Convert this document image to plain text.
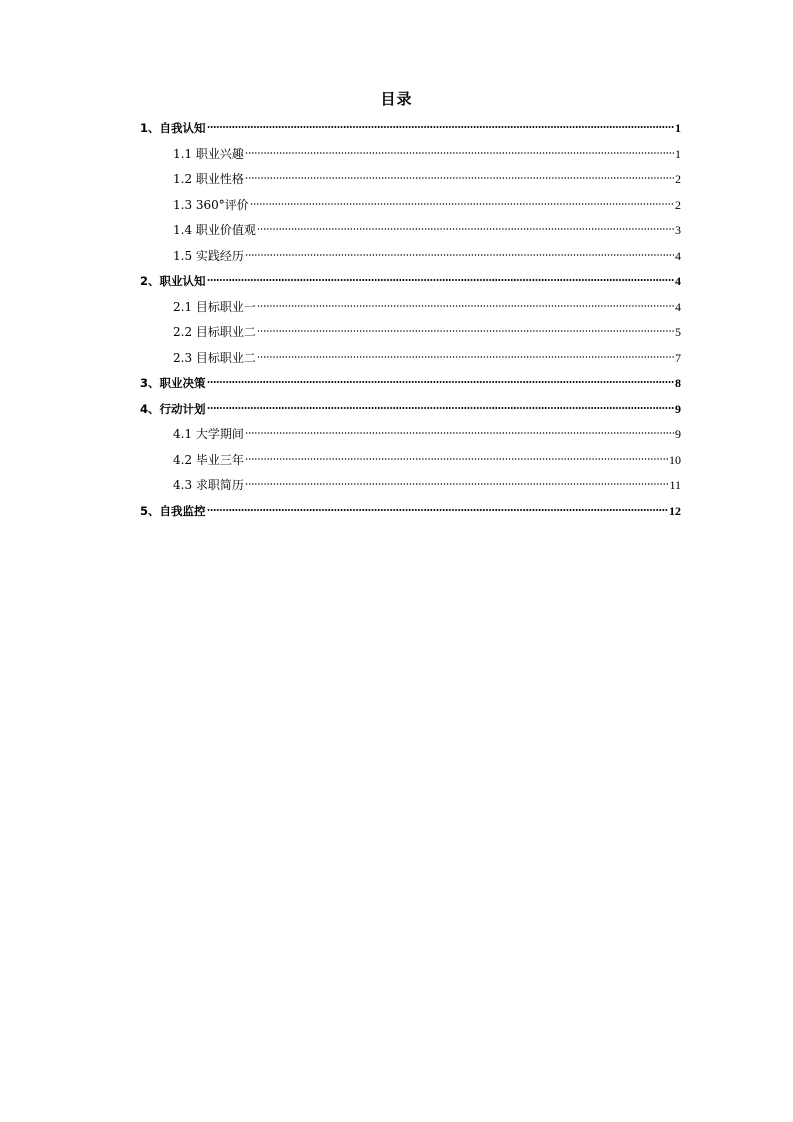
目录
1、自我认知	1
1.1 职业兴趣	1
1.2 职业性格	2
1.3 360°评价	2
1.4 职业价值观	3
1.5 实践经历	4
2、职业认知	4
2.1 目标职业一	4
2.2 目标职业二	5
2.3 目标职业二	7
3、职业决策	8
4、行动计划	9
4.1 大学期间	9
4.2 毕业三年	10
4.3 求职简历	11
5、自我监控	12
